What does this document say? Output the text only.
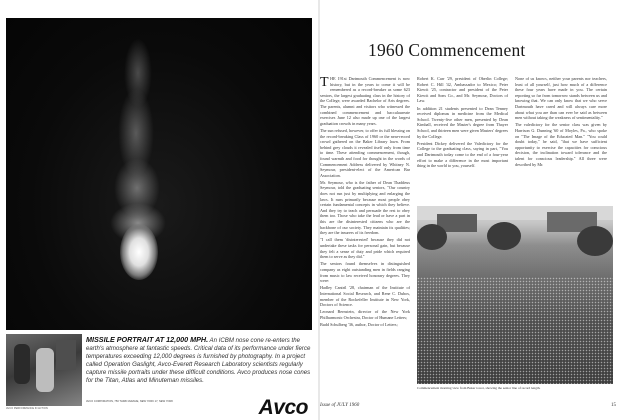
AVCO PERFORMANCE IN ACTION
MISSILE PORTRAIT AT 12,000 MPH. An ICBM nose cone re-enters the earth's atmosphere at fantastic speeds. Critical data of its performance under fierce temperatures exceeding 12,000 degrees is furnished by photography. In a project called Operation Gaslight, Avco-Everett Research Laboratory scientists regularly capture missile portraits under these difficult conditions. Avco produces nose cones for the Titan, Atlas and Minuteman missiles.
AVCO CORPORATION, 750 THIRD AVENUE, NEW YORK 17, NEW YORK	Avco
1960 Commencement

THE 191st Dartmouth Commencement is now history, but in the years to come it will be remembered as a record-breaker as some 623 seniors, the largest graduating class in the history of the College, were awarded Bachelor of Arts degrees. The parents, alumni and visitors who witnessed the combined commencement and baccalaureate exercises June 12 also made up one of the largest graduation crowds in many years.

The sun refused, however, to offer its full blessing on the record-breaking Class of 1960 or the near-record crowd gathered on the Baker Library lawn. From behind grey clouds it revealed itself only from time to time. These attending commencement, though, found warmth and food for thought in the words of Commencement Address delivered by Whitney N. Seymour, president-elect of the American Bar Association.

Mr. Seymour, who is the father of Dean Thaddeus Seymour, told the graduating seniors, "Our country does not run just by multiplying and enlarging the laws. It runs primarily because most people obey certain fundamental concepts in which they believe. And they try to teach and persuade the rest to obey them too. Those who take the lead or have a part in this are the disinterested citizens who are the backbone of our society. They maintain its qualities; they are the insurers of its freedom.

"I call them 'disinterested' because they did not undertake these tasks for personal gain, but because they felt a sense of duty and pride which required them to serve as they did."

The seniors found themselves in distinguished company as eight outstanding men in fields ranging from music to law received honorary degrees. They were:

Hadley Cantril '28, chairman of the Institute of International Social Research, and Rene C. Dubos, member of the Rockefeller Institute in New York, Doctors of Science.

Leonard Bernstein, director of the New York Philharmonic Orchestra, Doctor of Humane Letters;

Budd Schulberg '36, author, Doctor of Letters;

Robert K. Carr '29, president of Oberlin College; Robert C. Hill '42, Ambassador to Mexico; Peter Kiewit '25, contractor and president of the Peter Kiewit and Sons Co., and Mr. Seymour, Doctors of Law.

In addition 21 students presented to Dean Tenney received diplomas in medicine from the Medical School. Twenty-five other men, presented by Dean Kimball, received the Master's degree from Thayer School, and thirteen men were given Masters' degrees by the College.

President Dickey delivered the Valedictory for the College to the graduating class, saying in part, "You and Dartmouth today come to the end of a four-year effort to make a difference in the most important thing in the world to you, yourself.

None of us knows, neither your parents nor teachers, least of all yourself, just how much of a difference these four years have made in you. The certain reporting so far from tomorrow stands between us and knowing that. We can only know that we who serve Dartmouth have cared and will always care more about what you are than can ever be said as between men without taking the weakness of sentimentality."

The valedictory for the senior class was given by Harrison G. Dunning '60 of Moyles, Pa., who spoke on "The Image of the Educated Man." "You could doubt today," he said, "that we have sufficient opportunity to exercise the capacities for conscious decision, the inclination toward tolerance and the talent for conscious leadership." All three were described by Mr.

Commencement morning view from Baker tower, showing the senior line of record length.
Issue of JULY 1960	15
